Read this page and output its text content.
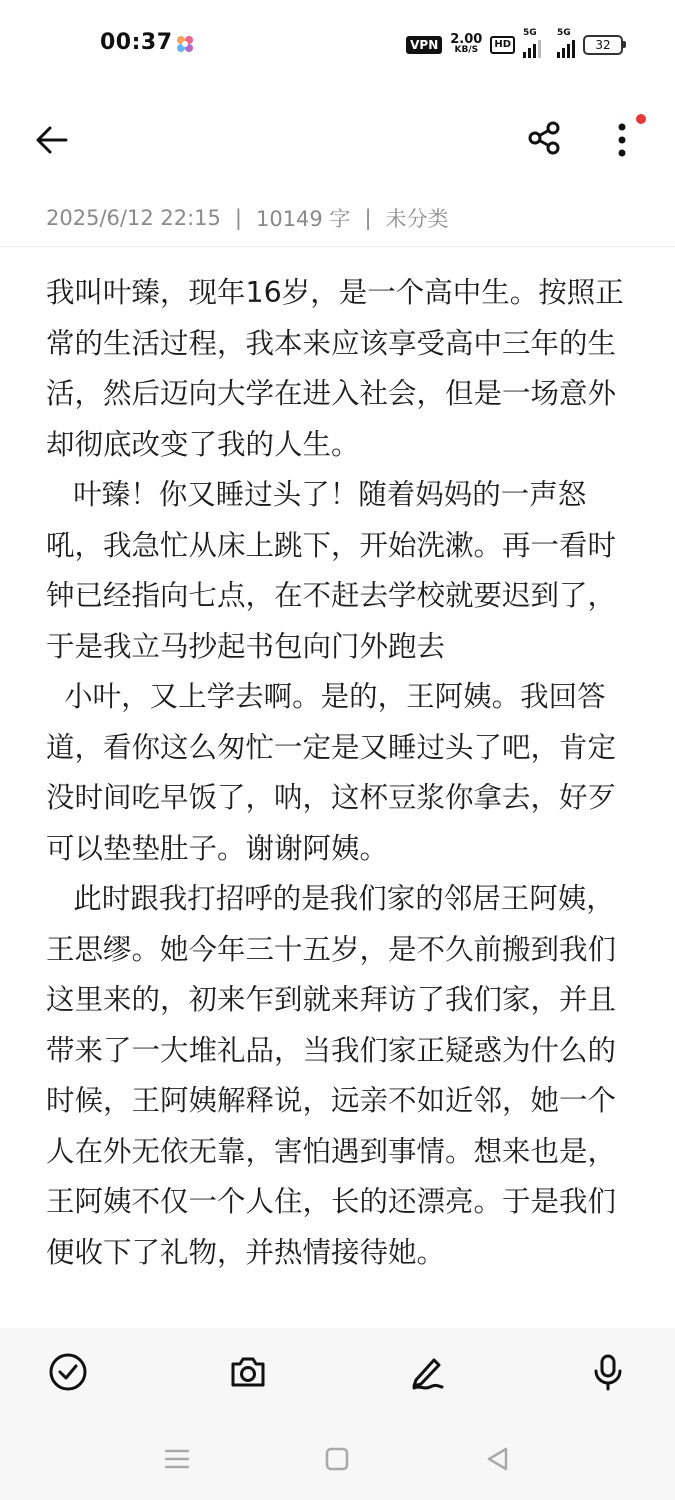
00:37	VPN 2.00
KB/S	HD
5G 5G
32
2025/6/12 22:15 | 10149 字 | 未分类

我叫叶臻，现年16岁，是一个高中生。按照正常的生活过程，我本来应该享受高中三年的生活，然后迈向大学在进入社会，但是一场意外却彻底改变了我的人生。

叶臻！你又睡过头了！随着妈妈的一声怒吼，我急忙从床上跳下，开始洗漱。再一看时钟已经指向七点，在不赶去学校就要迟到了，于是我立马抄起书包向门外跑去

小叶，又上学去啊。是的，王阿姨。我回答道，看你这么匆忙一定是又睡过头了吧，肯定没时间吃早饭了，呐，这杯豆浆你拿去，好歹可以垫垫肚子。谢谢阿姨。

此时跟我打招呼的是我们家的邻居王阿姨，王思缪。她今年三十五岁，是不久前搬到我们这里来的，初来乍到就来拜访了我们家，并且带来了一大堆礼品，当我们家正疑惑为什么的时候，王阿姨解释说，远亲不如近邻，她一个人在外无依无靠，害怕遇到事情。想来也是，王阿姨不仅一个人住，长的还漂亮。于是我们便收下了礼物，并热情接待她。
